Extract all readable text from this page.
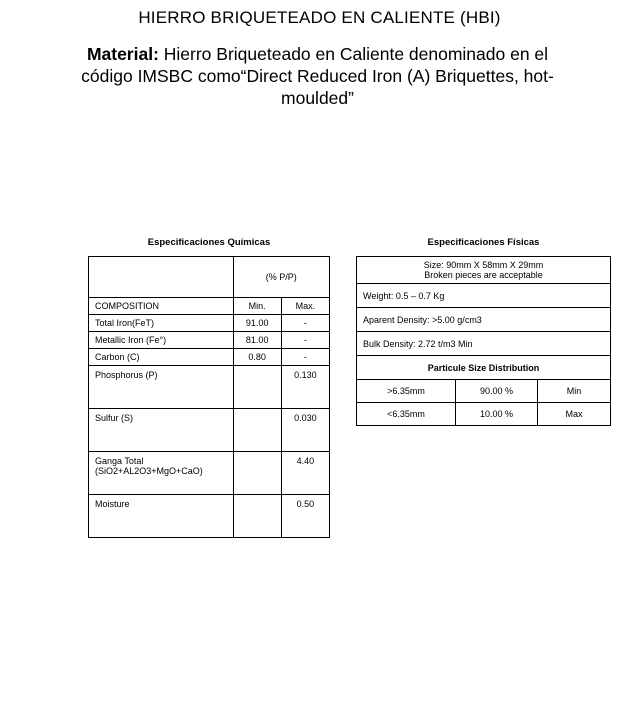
HIERRO BRIQUETEADO EN CALIENTE (HBI)
Material: Hierro Briqueteado en Caliente denominado en el código IMSBC como“Direct Reduced Iron (A) Briquettes, hot-moulded”
Especificaciones Químicas
	(% P/P)	
COMPOSITION	Min.	Max.
Total Iron(FeT)	91.00	-
Metallic Iron (Fe°)	81.00	-
Carbon (C)	0.80	-
Phosphorus (P)		0.130
Sulfur (S)		0.030

Ganga Total
(SiO2+AL2O3+MgO+CaO)		4.40
Moisture		0.50
Especificaciones Físicas
Size: 90mm X 58mm X 29mm
Broken pieces are acceptable		

Weight: 0.5 – 0.7 Kg		
Aparent Density: >5.00 g/cm3		
Bulk Density: 2.72 t/m3 Min		
Particule Size Distribution		
>6.35mm	90.00 %	Min
<6.35mm	10.00 %	Max
